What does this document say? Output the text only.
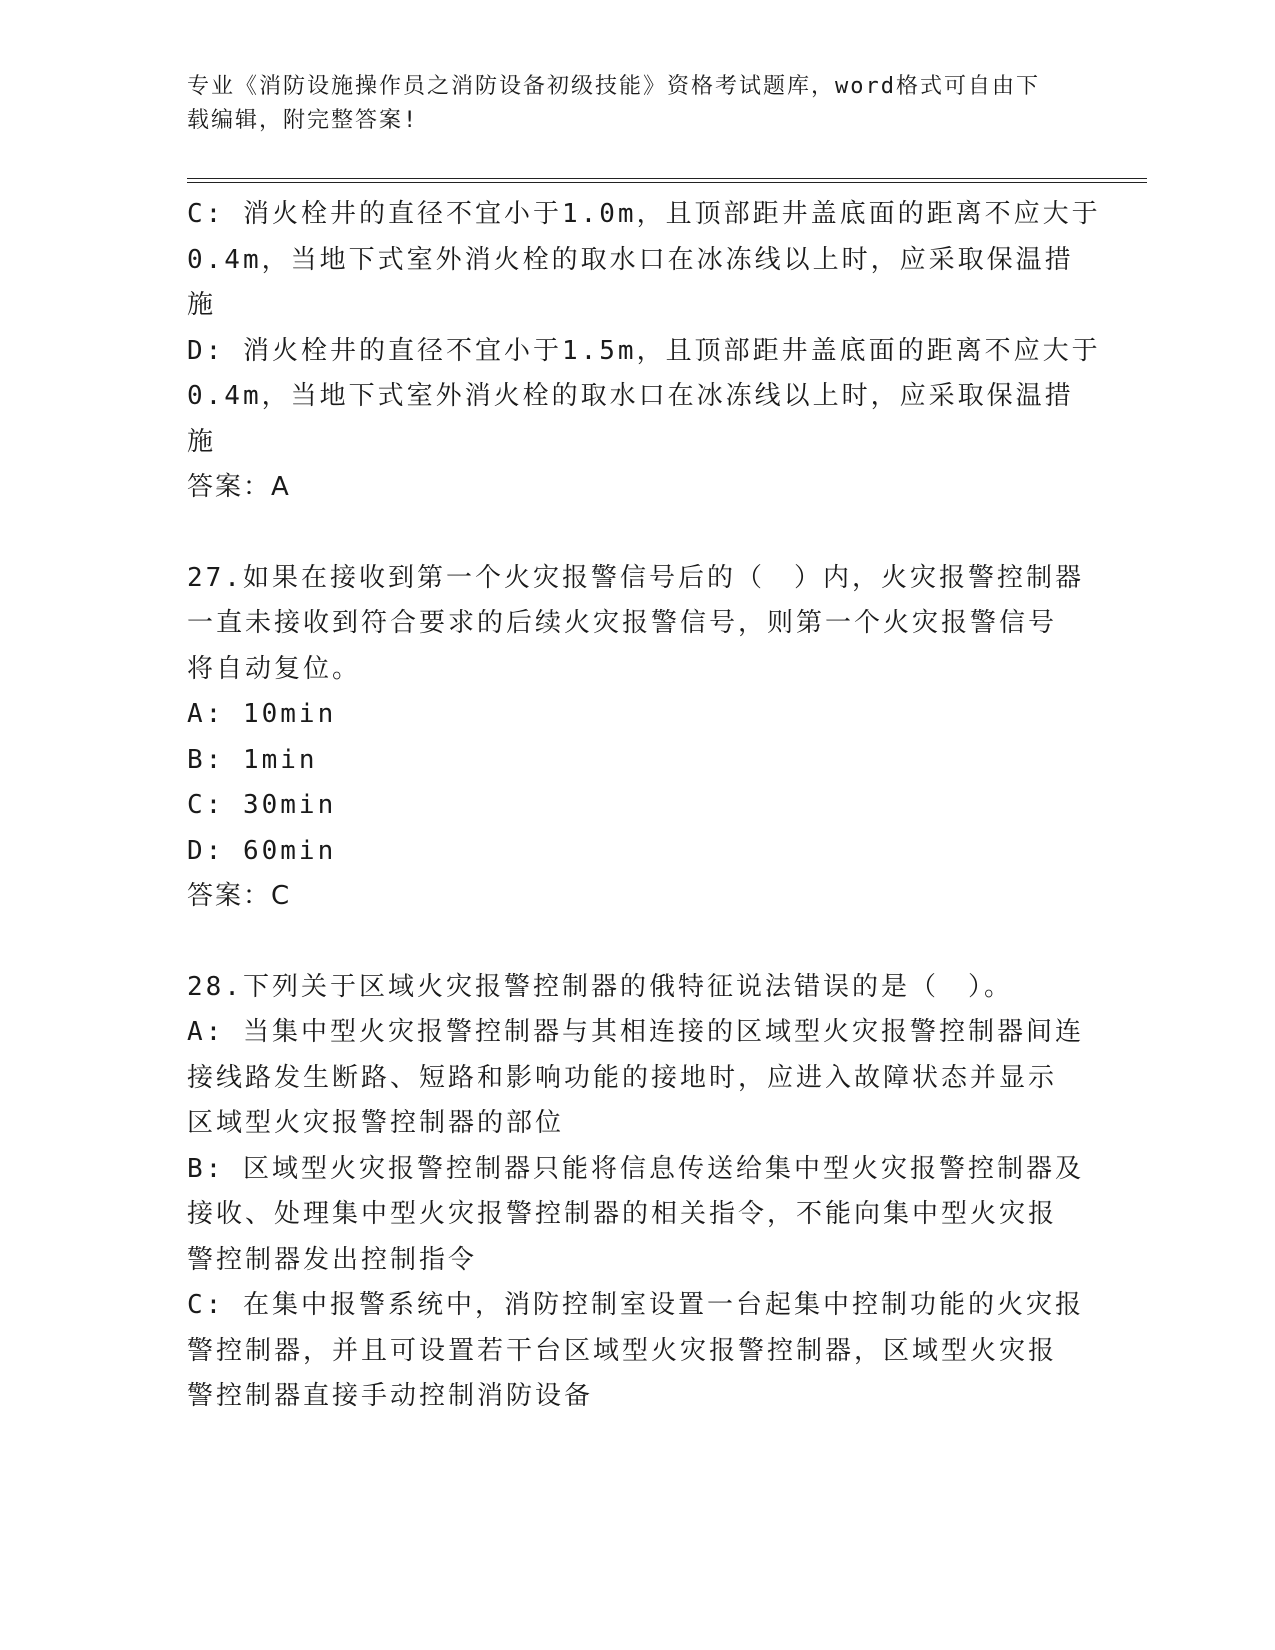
专业《消防设施操作员之消防设备初级技能》资格考试题库，word格式可自由下
载编辑，附完整答案!
C: 消火栓井的直径不宜小于1.0m，且顶部距井盖底面的距离不应大于
0.4m，当地下式室外消火栓的取水口在冰冻线以上时，应采取保温措
施
D: 消火栓井的直径不宜小于1.5m，且顶部距井盖底面的距离不应大于
0.4m，当地下式室外消火栓的取水口在冰冻线以上时，应采取保温措
施
答案：A
27.如果在接收到第一个火灾报警信号后的（　）内，火灾报警控制器
一直未接收到符合要求的后续火灾报警信号，则第一个火灾报警信号
将自动复位。
A: 10min
B: 1min
C: 30min
D: 60min
答案：C
28.下列关于区域火灾报警控制器的俄特征说法错误的是（　）。
A: 当集中型火灾报警控制器与其相连接的区域型火灾报警控制器间连
接线路发生断路、短路和影响功能的接地时，应进入故障状态并显示
区域型火灾报警控制器的部位
B: 区域型火灾报警控制器只能将信息传送给集中型火灾报警控制器及
接收、处理集中型火灾报警控制器的相关指令，不能向集中型火灾报
警控制器发出控制指令
C: 在集中报警系统中，消防控制室设置一台起集中控制功能的火灾报
警控制器，并且可设置若干台区域型火灾报警控制器，区域型火灾报
警控制器直接手动控制消防设备
